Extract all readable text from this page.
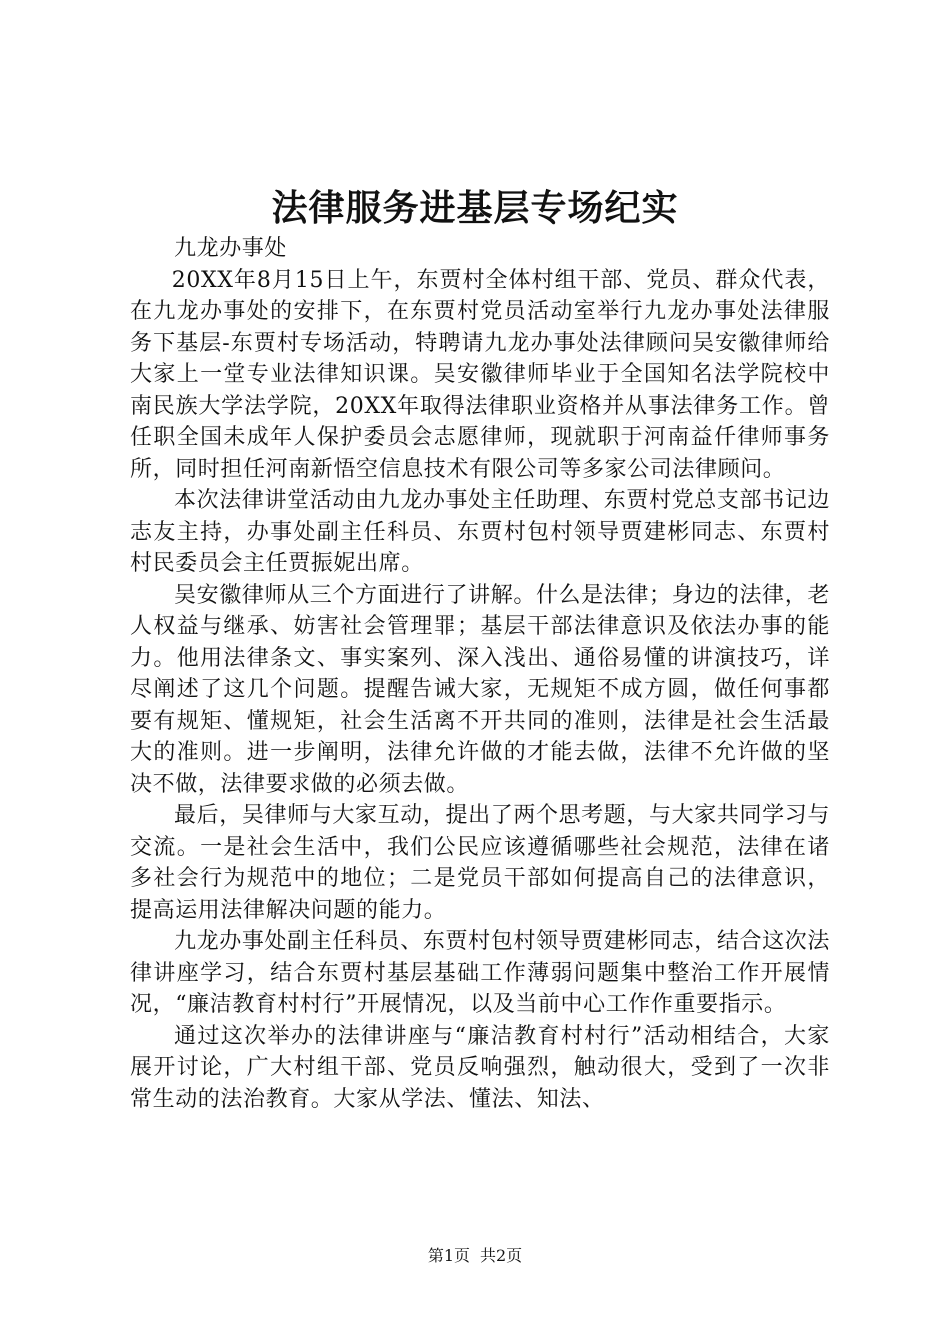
法律服务进基层专场纪实

九龙办事处

20XX年8月15日上午，东贾村全体村组干部、党员、群众代表，在九龙办事处的安排下，在东贾村党员活动室举行九龙办事处法律服务下基层-东贾村专场活动，特聘请九龙办事处法律顾问吴安徽律师给大家上一堂专业法律知识课。吴安徽律师毕业于全国知名法学院校中南民族大学法学院，20XX年取得法律职业资格并从事法律务工作。曾任职全国未成年人保护委员会志愿律师，现就职于河南益仟律师事务所，同时担任河南新悟空信息技术有限公司等多家公司法律顾问。

本次法律讲堂活动由九龙办事处主任助理、东贾村党总支部书记边志友主持，办事处副主任科员、东贾村包村领导贾建彬同志、东贾村村民委员会主任贾振妮出席。

吴安徽律师从三个方面进行了讲解。什么是法律；身边的法律，老人权益与继承、妨害社会管理罪；基层干部法律意识及依法办事的能力。他用法律条文、事实案列、深入浅出、通俗易懂的讲演技巧，详尽阐述了这几个问题。提醒告诫大家，无规矩不成方圆，做任何事都要有规矩、懂规矩，社会生活离不开共同的准则，法律是社会生活最大的准则。进一步阐明，法律允许做的才能去做，法律不允许做的坚决不做，法律要求做的必须去做。

最后，吴律师与大家互动，提出了两个思考题，与大家共同学习与交流。一是社会生活中，我们公民应该遵循哪些社会规范，法律在诸多社会行为规范中的地位；二是党员干部如何提高自己的法律意识，提高运用法律解决问题的能力。

九龙办事处副主任科员、东贾村包村领导贾建彬同志，结合这次法律讲座学习，结合东贾村基层基础工作薄弱问题集中整治工作开展情况，“廉洁教育村村行”开展情况，以及当前中心工作作重要指示。

通过这次举办的法律讲座与“廉洁教育村村行”活动相结合，大家展开讨论，广大村组干部、党员反响强烈，触动很大，受到了一次非常生动的法治教育。大家从学法、懂法、知法、

第1页 共2页
